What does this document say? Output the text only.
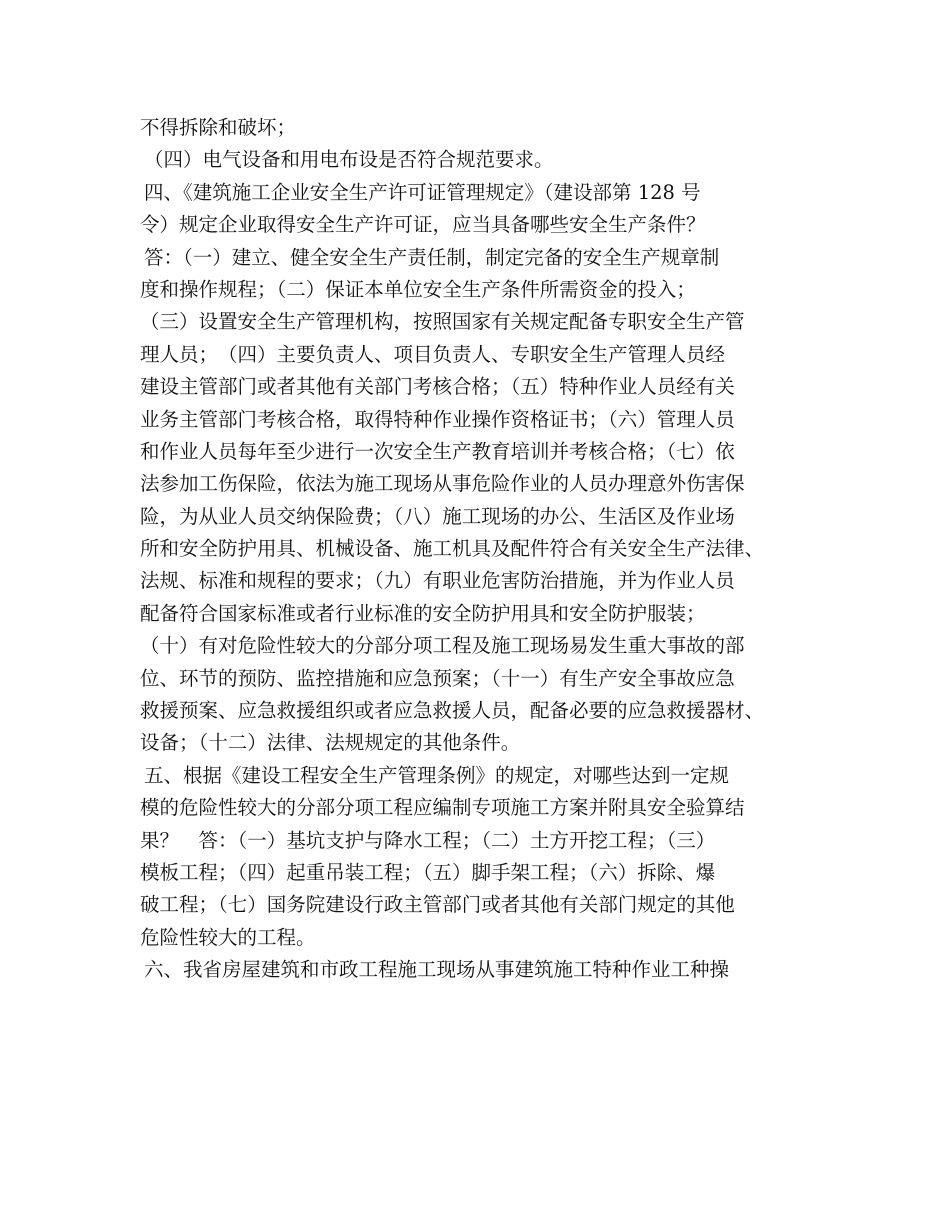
不得拆除和破坏；
（四）电气设备和用电布设是否符合规范要求。
四、《建筑施工企业安全生产许可证管理规定》（建设部第 128 号
令）规定企业取得安全生产许可证，应当具备哪些安全生产条件？
答：（一）建立、健全安全生产责任制，制定完备的安全生产规章制
度和操作规程；（二）保证本单位安全生产条件所需资金的投入；
（三）设置安全生产管理机构，按照国家有关规定配备专职安全生产管
理人员；　（四）主要负责人、项目负责人、专职安全生产管理人员经
建设主管部门或者其他有关部门考核合格；（五）特种作业人员经有关
业务主管部门考核合格，取得特种作业操作资格证书；（六）管理人员
和作业人员每年至少进行一次安全生产教育培训并考核合格；（七）依
法参加工伤保险，依法为施工现场从事危险作业的人员办理意外伤害保
险，为从业人员交纳保险费；（八）施工现场的办公、生活区及作业场
所和安全防护用具、机械设备、施工机具及配件符合有关安全生产法律、
法规、标准和规程的要求；（九）有职业危害防治措施，并为作业人员
配备符合国家标准或者行业标准的安全防护用具和安全防护服装；
（十）有对危险性较大的分部分项工程及施工现场易发生重大事故的部
位、环节的预防、监控措施和应急预案；（十一）有生产安全事故应急
救援预案、应急救援组织或者应急救援人员，配备必要的应急救援器材、
设备；（十二）法律、法规规定的其他条件。
五、根据《建设工程安全生产管理条例》的规定，对哪些达到一定规
模的危险性较大的分部分项工程应编制专项施工方案并附具安全验算结
果？　答：（一）基坑支护与降水工程；（二）土方开挖工程；（三）
模板工程；（四）起重吊装工程；（五）脚手架工程；（六）拆除、爆
破工程；（七）国务院建设行政主管部门或者其他有关部门规定的其他
危险性较大的工程。
六、我省房屋建筑和市政工程施工现场从事建筑施工特种作业工种操
